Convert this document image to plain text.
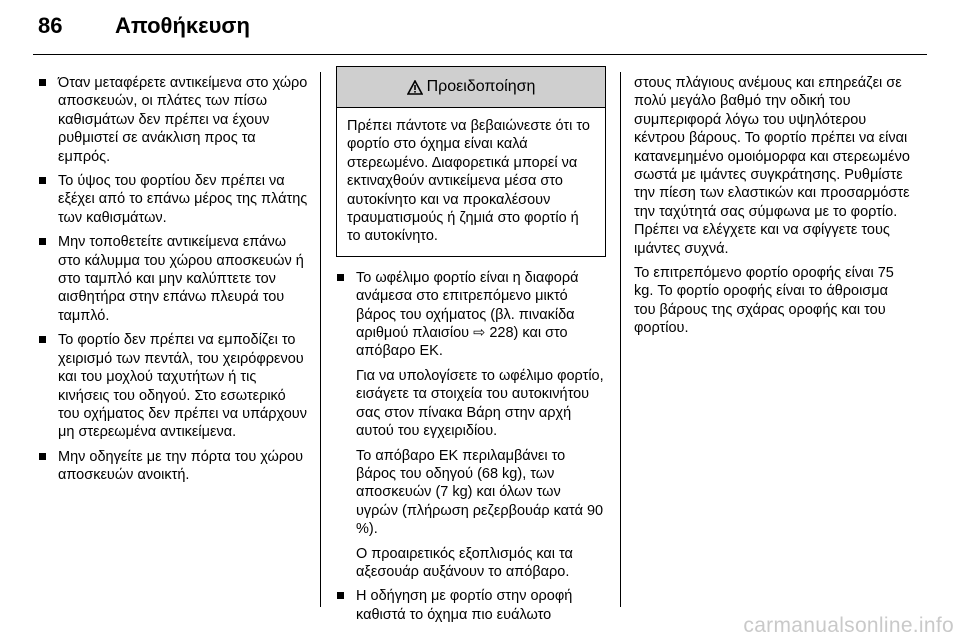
86 Αποθήκευση

Όταν μεταφέρετε αντικείμενα στο χώρο αποσκευών, οι πλάτες των πίσω καθισμάτων δεν πρέπει να έχουν ρυθμιστεί σε ανάκλιση προς τα εμπρός.

Το ύψος του φορτίου δεν πρέπει να εξέχει από το επάνω μέρος της πλάτης των καθισμάτων.

Μην τοποθετείτε αντικείμενα επάνω στο κάλυμμα του χώρου αποσκευών ή στο ταμπλό και μην καλύπτετε τον αισθητήρα στην επάνω πλευρά του ταμπλό.

Το φορτίο δεν πρέπει να εμποδίζει το χειρισμό των πεντάλ, του χειρόφρενου και του μοχλού ταχυτήτων ή τις κινήσεις του οδηγού. Στο εσωτερικό του οχήματος δεν πρέπει να υπάρχουν μη στερεωμένα αντικείμενα.

Μην οδηγείτε με την πόρτα του χώρου αποσκευών ανοικτή.

Προειδοποίηση
Πρέπει πάντοτε να βεβαιώνεστε ότι το φορτίο στο όχημα είναι καλά στερεωμένο. Διαφορετικά μπορεί να εκτιναχθούν αντικείμενα μέσα στο αυτοκίνητο και να προκαλέσουν τραυματισμούς ή ζημιά στο φορτίο ή το αυτοκίνητο.

Το ωφέλιμο φορτίο είναι η διαφορά ανάμεσα στο επιτρεπόμενο μικτό βάρος του οχήματος (βλ. πινακίδα αριθμού πλαισίου ⇨ 228) και στο απόβαρο ΕΚ.

Για να υπολογίσετε το ωφέλιμο φορτίο, εισάγετε τα στοιχεία του αυτοκινήτου σας στον πίνακα Βάρη στην αρχή αυτού του εγχειριδίου.

Το απόβαρο ΕΚ περιλαμβάνει το βάρος του οδηγού (68 kg), των αποσκευών (7 kg) και όλων των υγρών (πλήρωση ρεζερβουάρ κατά 90 %).

Ο προαιρετικός εξοπλισμός και τα αξεσουάρ αυξάνουν το απόβαρο.

Η οδήγηση με φορτίο στην οροφή καθιστά το όχημα πιο ευάλωτο

στους πλάγιους ανέμους και επηρεάζει σε πολύ μεγάλο βαθμό την οδική του συμπεριφορά λόγω του υψηλότερου κέντρου βάρους. Το φορτίο πρέπει να είναι κατανεμημένο ομοιόμορφα και στερεωμένο σωστά με ιμάντες συγκράτησης. Ρυθμίστε την πίεση των ελαστικών και προσαρμόστε την ταχύτητά σας σύμφωνα με το φορτίο. Πρέπει να ελέγχετε και να σφίγγετε τους ιμάντες συχνά.

Το επιτρεπόμενο φορτίο οροφής είναι 75 kg. Το φορτίο οροφής είναι το άθροισμα του βάρους της σχάρας οροφής και του φορτίου.

carmanualsonline.info
